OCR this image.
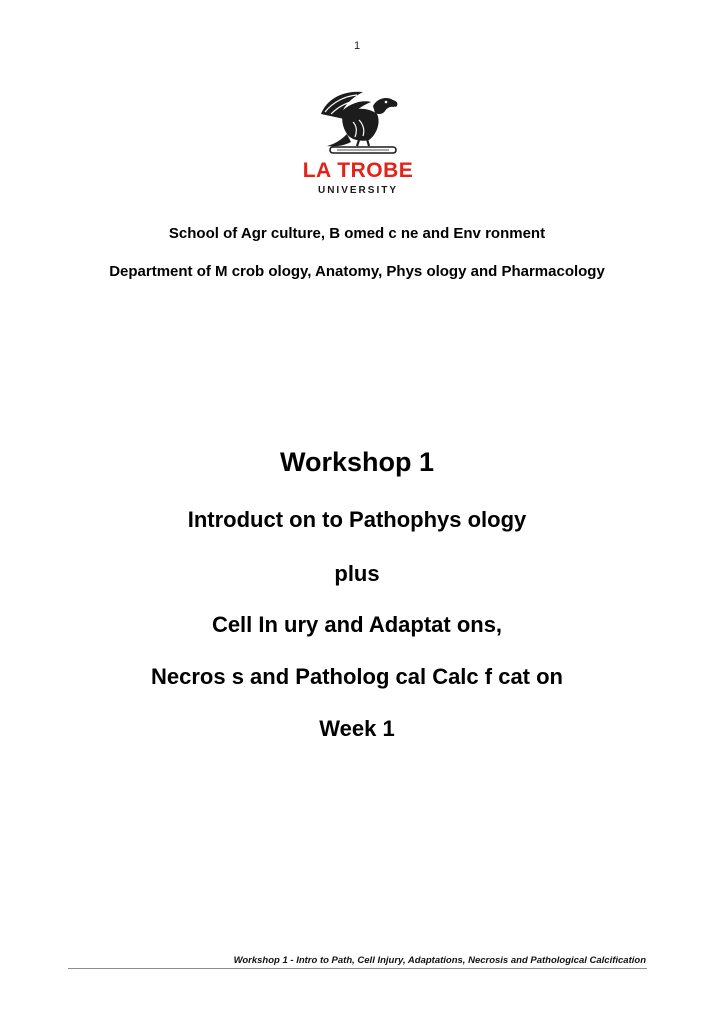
1
LA TROBE
UNIVERSITY
School of Agr culture, B omed c ne and Env ronment
Department of M crob ology, Anatomy, Phys ology and Pharmacology
Workshop 1
Introduct on to Pathophys ology
plus
Cell In ury and Adaptat ons,
Necros s and Patholog cal Calc f cat on
Week 1
Workshop 1 - Intro to Path, Cell Injury, Adaptations, Necrosis and Pathological Calciﬁcation
